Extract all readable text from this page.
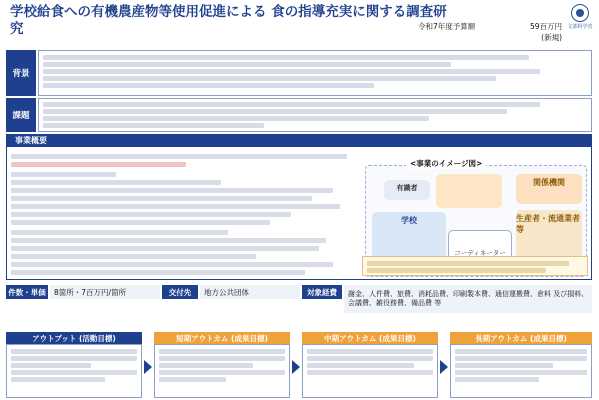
学校給食への有機農産物等使用促進による 食の指導充実に関する調査研究	令和7年度予算額	59百万円
(新規)
文部科学省
背景
課題
事業概要
<事業のイメージ図>
有識者
関係機関
学校
コーディネーター
生産者・流通業者等
件数・単価	8箇所・7百万円/箇所	交付先	地方公共団体	対象経費	謝金、人件費、旅費、消耗品費、印刷製本費、通信運搬費、倉料 及び損料、会議費、雑役務費、備品費 等
アウトプット (活動目標)	短期アウトカム (成果目標)	中期アウトカム (成果目標)	長期アウトカム (成果目標)
